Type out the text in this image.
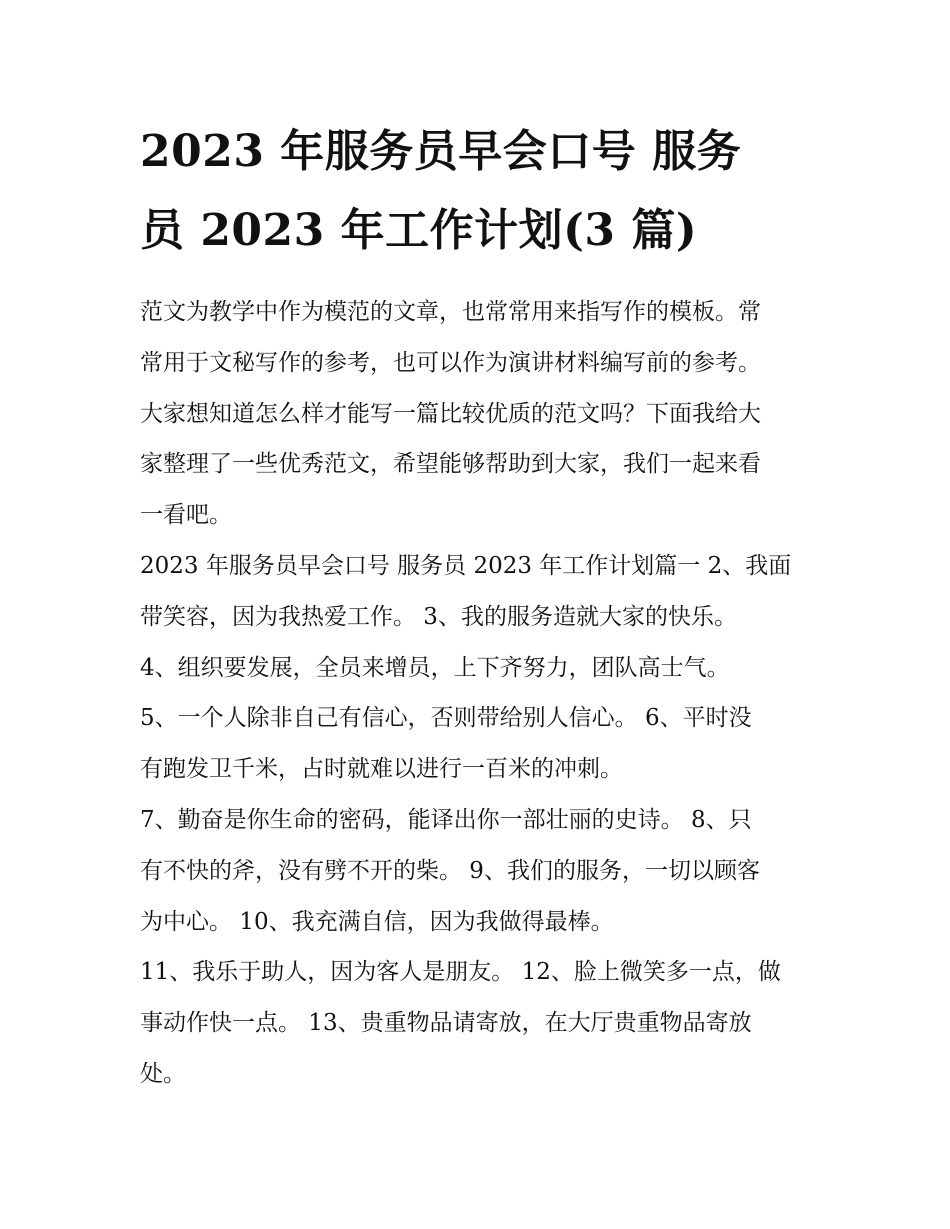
2023 年服务员早会口号 服务
员 2023 年工作计划(3 篇)

范文为教学中作为模范的文章，也常常用来指写作的模板。常
常用于文秘写作的参考，也可以作为演讲材料编写前的参考。
大家想知道怎么样才能写一篇比较优质的范文吗？下面我给大
家整理了一些优秀范文，希望能够帮助到大家，我们一起来看
一看吧。

2023 年服务员早会口号 服务员 2023 年工作计划篇一 2、我面
带笑容，因为我热爱工作。 3、我的服务造就大家的快乐。

4、组织要发展，全员来增员，上下齐努力，团队高士气。

5、一个人除非自己有信心，否则带给别人信心。 6、平时没
有跑发卫千米，占时就难以进行一百米的冲刺。

7、勤奋是你生命的密码，能译出你一部壮丽的史诗。 8、只
有不快的斧，没有劈不开的柴。 9、我们的服务，一切以顾客
为中心。 10、我充满自信，因为我做得最棒。

11、我乐于助人，因为客人是朋友。 12、脸上微笑多一点，做
事动作快一点。 13、贵重物品请寄放，在大厅贵重物品寄放
处。
